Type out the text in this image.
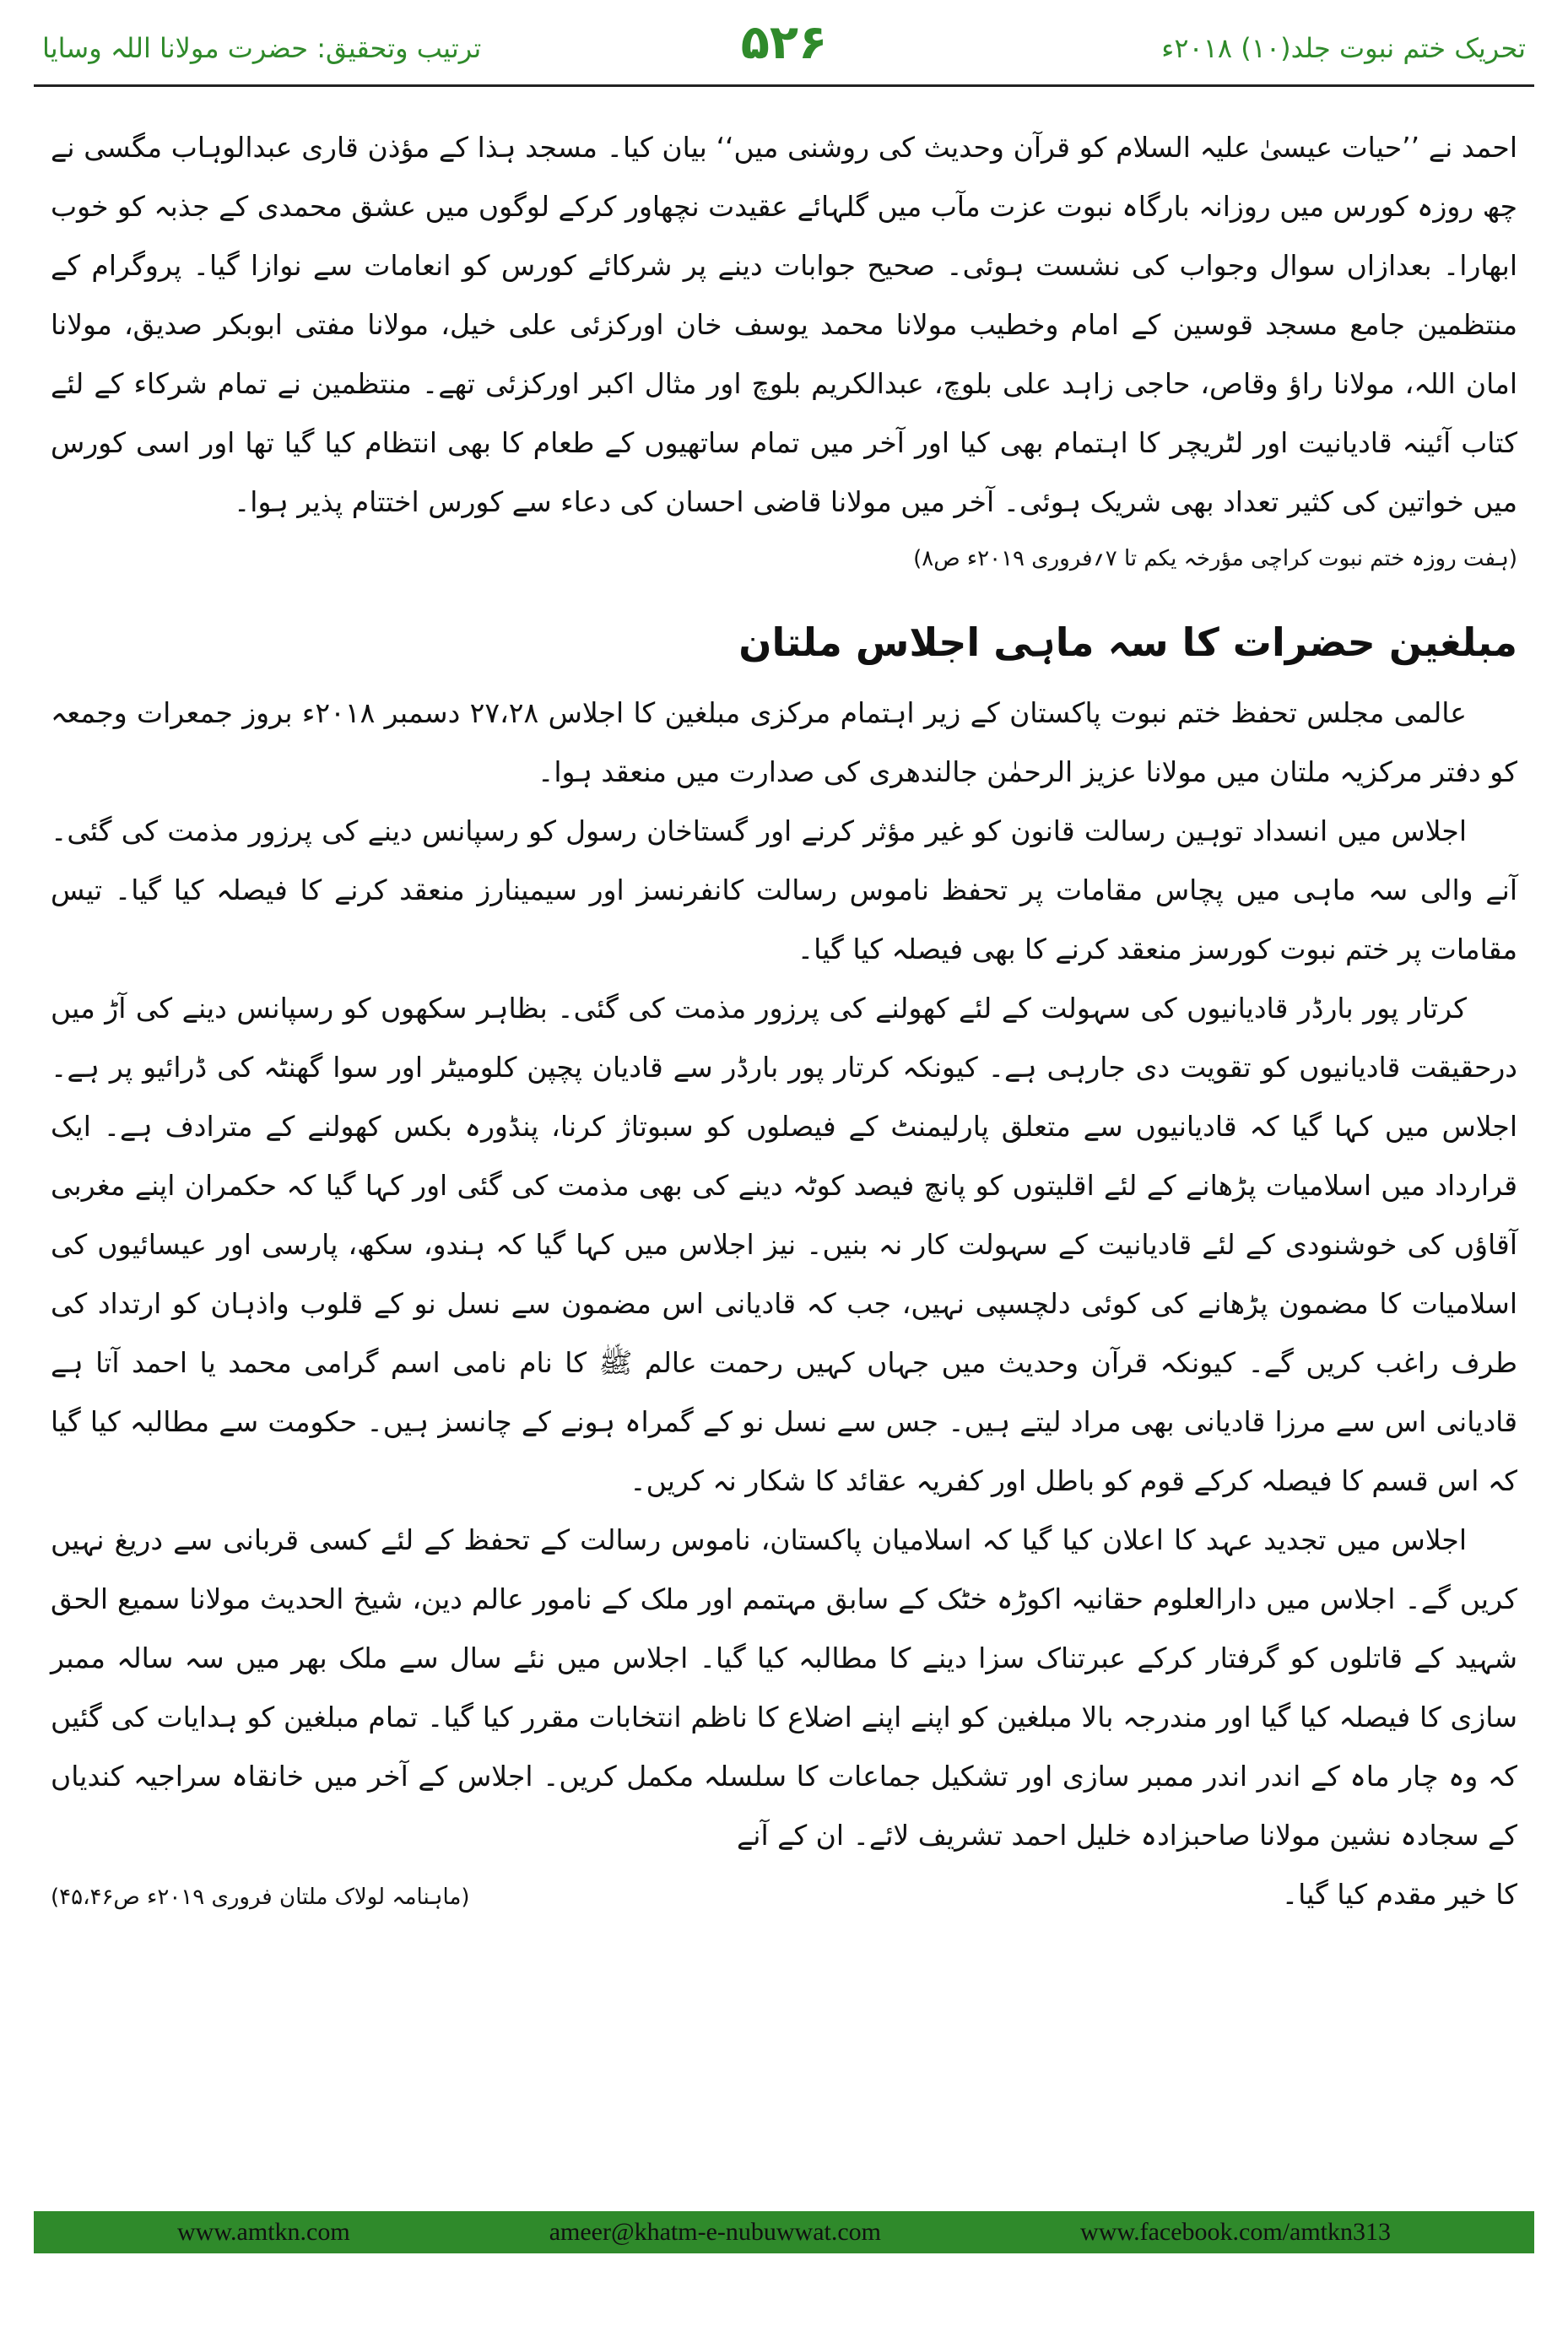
ترتیب وتحقیق: حضرت مولانا اللہ وسایا	۵۲۶	تحریک ختم نبوت جلد(۱۰) ۲۰۱۸ء

احمد نے ’’حیات عیسیٰ علیہ السلام کو قرآن وحدیث کی روشنی میں‘‘ بیان کیا۔ مسجد ہذا کے مؤذن قاری عبدالوہاب مگسی نے چھ روزہ کورس میں روزانہ بارگاہ نبوت عزت مآب میں گلہائے عقیدت نچھاور کرکے لوگوں میں عشق محمدی کے جذبہ کو خوب ابھارا۔ بعدازاں سوال وجواب کی نشست ہوئی۔ صحیح جوابات دینے پر شرکائے کورس کو انعامات سے نوازا گیا۔ پروگرام کے منتظمین جامع مسجد قوسین کے امام وخطیب مولانا محمد یوسف خان اورکزئی علی خیل، مولانا مفتی ابوبکر صدیق، مولانا امان اللہ، مولانا راؤ وقاص، حاجی زاہد علی بلوچ، عبدالکریم بلوچ اور مثال اکبر اورکزئی تھے۔ منتظمین نے تمام شرکاء کے لئے کتاب آئینہ قادیانیت اور لٹریچر کا اہتمام بھی کیا اور آخر میں تمام ساتھیوں کے طعام کا بھی انتظام کیا گیا تھا اور اسی کورس میں خواتین کی کثیر تعداد بھی شریک ہوئی۔ آخر میں مولانا قاضی احسان کی دعاء سے کورس اختتام پذیر ہوا۔

(ہفت روزہ ختم نبوت کراچی مؤرخہ یکم تا ۷؍فروری ۲۰۱۹ء ص۸)

مبلغین حضرات کا سہ ماہی اجلاس ملتان

عالمی مجلس تحفظ ختم نبوت پاکستان کے زیر اہتمام مرکزی مبلغین کا اجلاس ۲۷،۲۸ دسمبر ۲۰۱۸ء بروز جمعرات وجمعہ کو دفتر مرکزیہ ملتان میں مولانا عزیز الرحمٰن جالندھری کی صدارت میں منعقد ہوا۔

اجلاس میں انسداد توہین رسالت قانون کو غیر مؤثر کرنے اور گستاخان رسول کو رسپانس دینے کی پرزور مذمت کی گئی۔ آنے والی سہ ماہی میں پچاس مقامات پر تحفظ ناموس رسالت کانفرنسز اور سیمینارز منعقد کرنے کا فیصلہ کیا گیا۔ تیس مقامات پر ختم نبوت کورسز منعقد کرنے کا بھی فیصلہ کیا گیا۔

کرتار پور بارڈر قادیانیوں کی سہولت کے لئے کھولنے کی پرزور مذمت کی گئی۔ بظاہر سکھوں کو رسپانس دینے کی آڑ میں درحقیقت قادیانیوں کو تقویت دی جارہی ہے۔ کیونکہ کرتار پور بارڈر سے قادیان پچپن کلومیٹر اور سوا گھنٹہ کی ڈرائیو پر ہے۔ اجلاس میں کہا گیا کہ قادیانیوں سے متعلق پارلیمنٹ کے فیصلوں کو سبوتاژ کرنا، پنڈورہ بکس کھولنے کے مترادف ہے۔ ایک قرارداد میں اسلامیات پڑھانے کے لئے اقلیتوں کو پانچ فیصد کوٹہ دینے کی بھی مذمت کی گئی اور کہا گیا کہ حکمران اپنے مغربی آقاؤں کی خوشنودی کے لئے قادیانیت کے سہولت کار نہ بنیں۔ نیز اجلاس میں کہا گیا کہ ہندو، سکھ، پارسی اور عیسائیوں کی اسلامیات کا مضمون پڑھانے کی کوئی دلچسپی نہیں، جب کہ قادیانی اس مضمون سے نسل نو کے قلوب واذہان کو ارتداد کی طرف راغب کریں گے۔ کیونکہ قرآن وحدیث میں جہاں کہیں رحمت عالم ﷺ کا نام نامی اسم گرامی محمد یا احمد آتا ہے قادیانی اس سے مرزا قادیانی بھی مراد لیتے ہیں۔ جس سے نسل نو کے گمراہ ہونے کے چانسز ہیں۔ حکومت سے مطالبہ کیا گیا کہ اس قسم کا فیصلہ کرکے قوم کو باطل اور کفریہ عقائد کا شکار نہ کریں۔

اجلاس میں تجدید عہد کا اعلان کیا گیا کہ اسلامیان پاکستان، ناموس رسالت کے تحفظ کے لئے کسی قربانی سے دریغ نہیں کریں گے۔ اجلاس میں دارالعلوم حقانیہ اکوڑہ خٹک کے سابق مہتمم اور ملک کے نامور عالم دین، شیخ الحدیث مولانا سمیع الحق شہید کے قاتلوں کو گرفتار کرکے عبرتناک سزا دینے کا مطالبہ کیا گیا۔ اجلاس میں نئے سال سے ملک بھر میں سہ سالہ ممبر سازی کا فیصلہ کیا گیا اور مندرجہ بالا مبلغین کو اپنے اپنے اضلاع کا ناظم انتخابات مقرر کیا گیا۔ تمام مبلغین کو ہدایات کی گئیں کہ وہ چار ماہ کے اندر اندر ممبر سازی اور تشکیل جماعات کا سلسلہ مکمل کریں۔ اجلاس کے آخر میں خانقاہ سراجیہ کندیاں کے سجادہ نشین مولانا صاحبزادہ خلیل احمد تشریف لائے۔ ان کے آنے

کا خیر مقدم کیا گیا۔
(ماہنامہ لولاک ملتان فروری ۲۰۱۹ء ص۴۵،۴۶)
www.amtkn.com	ameer@khatm-e-nubuwwat.com	www.facebook.com/amtkn313
